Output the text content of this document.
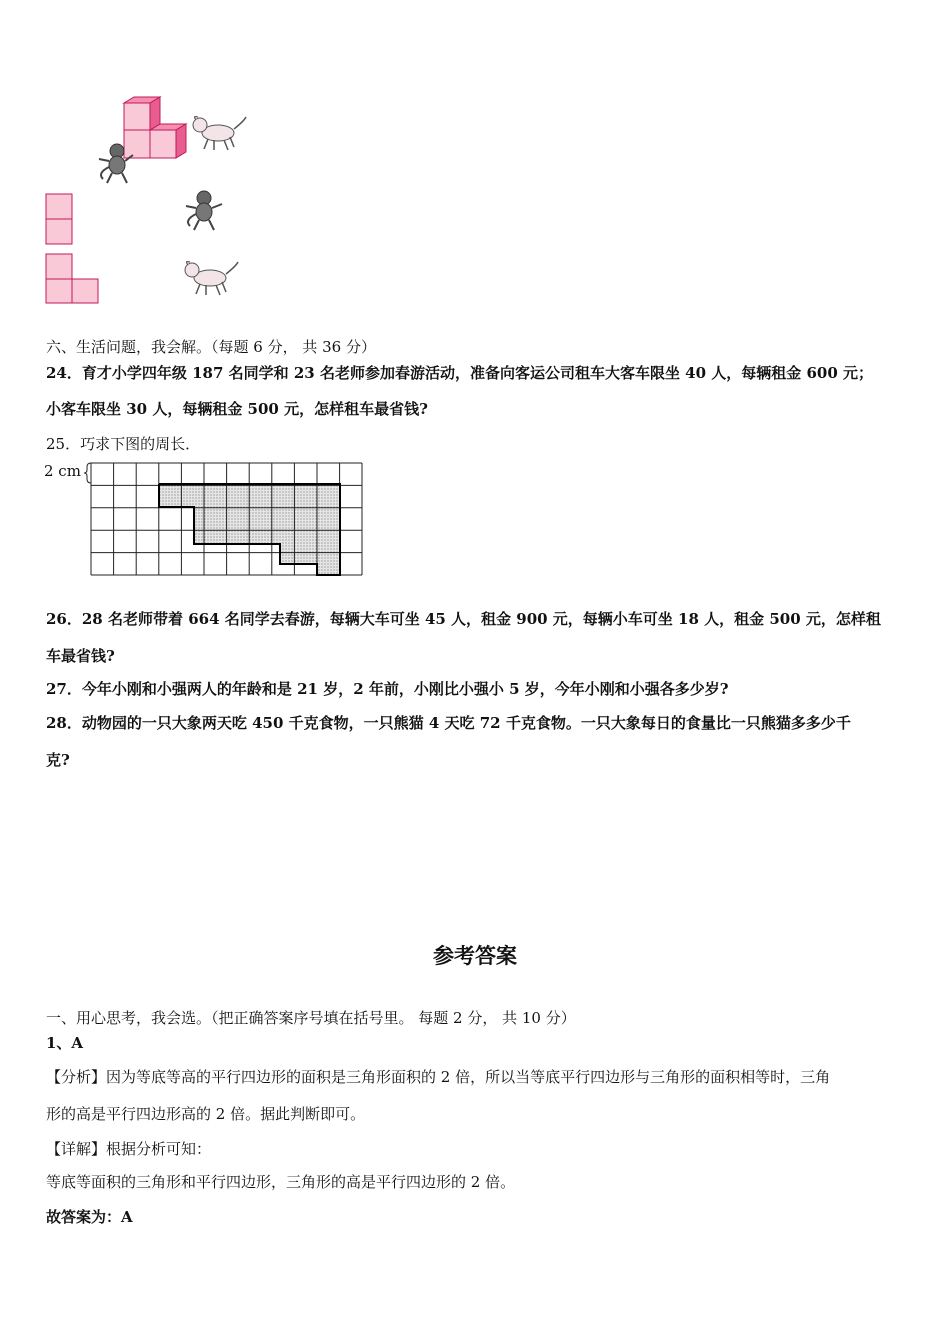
六、生活问题，我会解。（每题 6 分， 共 36 分）
24．育才小学四年级 187 名同学和 23 名老师参加春游活动，准备向客运公司租车大客车限坐 40 人，每辆租金 600 元；
小客车限坐 30 人，每辆租金 500 元，怎样租车最省钱?
25．巧求下图的周长．
2 cm
26．28 名老师带着 664 名同学去春游，每辆大车可坐 45 人，租金 900 元，每辆小车可坐 18 人，租金 500 元，怎样租
车最省钱?
27．今年小刚和小强两人的年龄和是 21 岁，2 年前，小刚比小强小 5 岁，今年小刚和小强各多少岁?
28．动物园的一只大象两天吃 450 千克食物，一只熊猫 4 天吃 72 千克食物。一只大象每日的食量比一只熊猫多多少千
克?
参考答案
一、用心思考，我会选。（把正确答案序号填在括号里。 每题 2 分， 共 10 分）
1、A
【分析】因为等底等高的平行四边形的面积是三角形面积的 2 倍，所以当等底平行四边形与三角形的面积相等时，三角
形的高是平行四边形高的 2 倍。据此判断即可。
【详解】根据分析可知：
等底等面积的三角形和平行四边形，三角形的高是平行四边形的 2 倍。
故答案为：A
